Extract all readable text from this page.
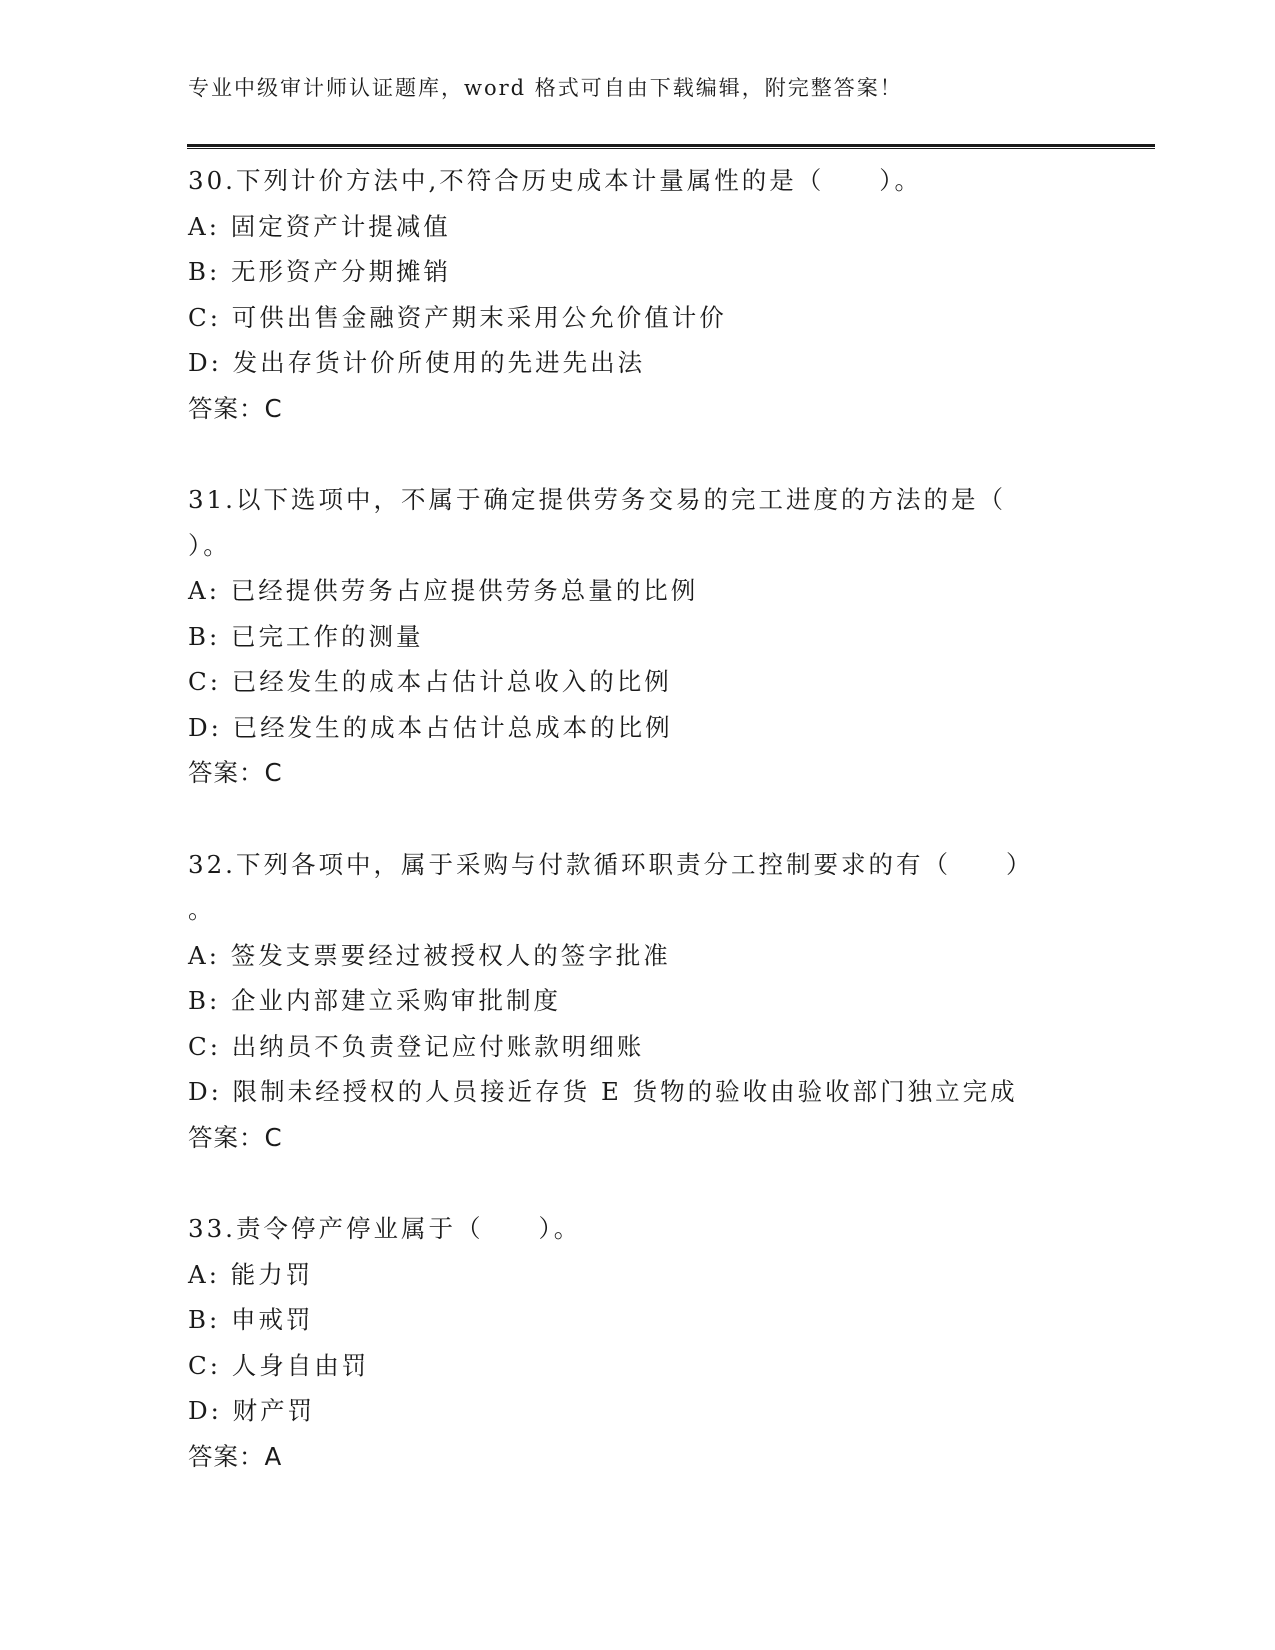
专业中级审计师认证题库，word 格式可自由下载编辑，附完整答案！
30.下列计价方法中,不符合历史成本计量属性的是（　　）。
A: 固定资产计提减值
B: 无形资产分期摊销
C: 可供出售金融资产期末采用公允价值计价
D: 发出存货计价所使用的先进先出法
答案：C
31.以下选项中，不属于确定提供劳务交易的完工进度的方法的是（
）。
A: 已经提供劳务占应提供劳务总量的比例
B: 已完工作的测量
C: 已经发生的成本占估计总收入的比例
D: 已经发生的成本占估计总成本的比例
答案：C
32.下列各项中，属于采购与付款循环职责分工控制要求的有（　　）
。
A: 签发支票要经过被授权人的签字批准
B: 企业内部建立采购审批制度
C: 出纳员不负责登记应付账款明细账
D: 限制未经授权的人员接近存货 E 货物的验收由验收部门独立完成
答案：C
33.责令停产停业属于（　　）。
A: 能力罚
B: 申戒罚
C: 人身自由罚
D: 财产罚
答案：A
